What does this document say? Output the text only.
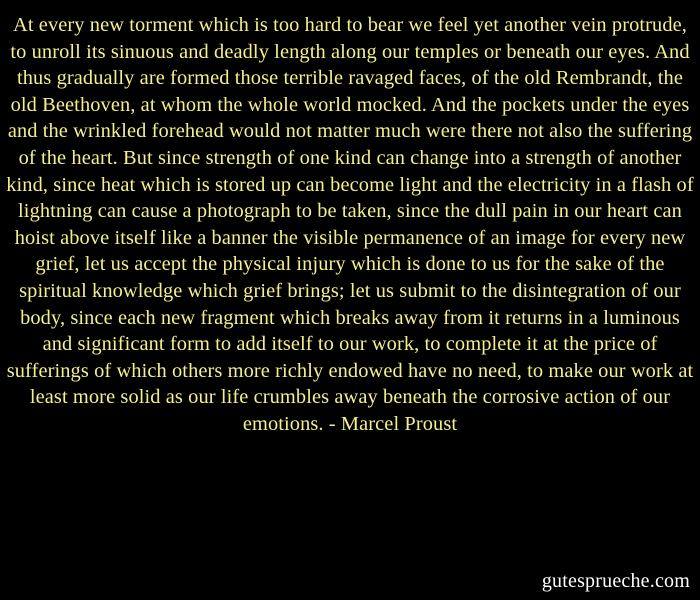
At every new torment which is too hard to bear we feel yet another vein protrude, to unroll its sinuous and deadly length along our temples or beneath our eyes. And thus gradually are formed those terrible ravaged faces, of the old Rembrandt, the old Beethoven, at whom the whole world mocked. And the pockets under the eyes and the wrinkled forehead would not matter much were there not also the suffering of the heart. But since strength of one kind can change into a strength of another kind, since heat which is stored up can become light and the electricity in a flash of lightning can cause a photograph to be taken, since the dull pain in our heart can hoist above itself like a banner the visible permanence of an image for every new grief, let us accept the physical injury which is done to us for the sake of the spiritual knowledge which grief brings; let us submit to the disintegration of our body, since each new fragment which breaks away from it returns in a luminous and significant form to add itself to our work, to complete it at the price of sufferings of which others more richly endowed have no need, to make our work at least more solid as our life crumbles away beneath the corrosive action of our emotions. - Marcel Proust
gutesprueche.com
